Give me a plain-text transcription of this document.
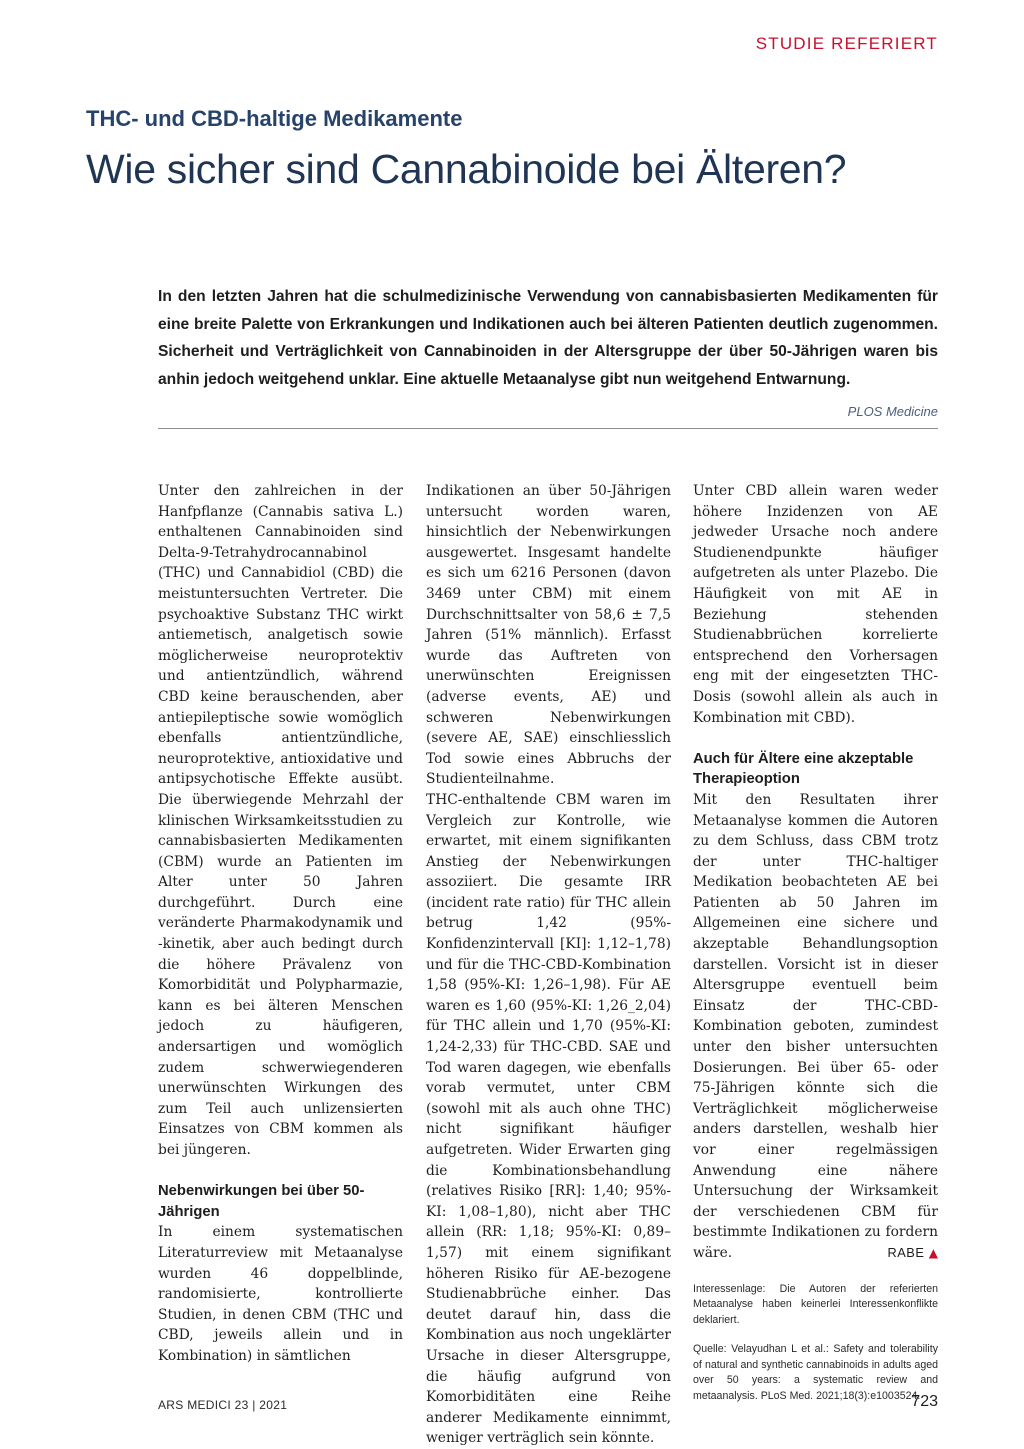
STUDIE REFERIERT
THC- und CBD-haltige Medikamente
Wie sicher sind Cannabinoide bei Älteren?

In den letzten Jahren hat die schulmedizinische Verwendung von cannabisbasierten Medikamenten für eine breite Palette von Erkrankungen und Indikationen auch bei älteren Patienten deutlich zugenommen. Sicherheit und Verträglichkeit von Cannabinoiden in der Altersgruppe der über 50-Jährigen waren bis anhin jedoch weitgehend unklar. Eine aktuelle Metaanalyse gibt nun weitgehend Entwarnung.

PLOS Medicine

Unter den zahlreichen in der Hanfpflanze (Cannabis sativa L.) enthaltenen Cannabinoiden sind Delta-9-Tetrahydrocannabinol (THC) und Cannabidiol (CBD) die meistuntersuchten Vertreter. Die psychoaktive Substanz THC wirkt antiemetisch, analgetisch sowie möglicherweise neuroprotektiv und antientzündlich, während CBD keine berauschenden, aber antiepileptische sowie womöglich ebenfalls antientzündliche, neuroprotektive, antioxidative und antipsychotische Effekte ausübt. Die überwiegende Mehrzahl der klinischen Wirksamkeitsstudien zu cannabisbasierten Medikamenten (CBM) wurde an Patienten im Alter unter 50 Jahren durchgeführt. Durch eine veränderte Pharmakodynamik und -kinetik, aber auch bedingt durch die höhere Prävalenz von Komorbidität und Polypharmazie, kann es bei älteren Menschen jedoch zu häufigeren, andersartigen und womöglich zudem schwerwiegenderen unerwünschten Wirkungen des zum Teil auch unlizensierten Einsatzes von CBM kommen als bei jüngeren.

Nebenwirkungen bei über 50-Jährigen

In einem systematischen Literaturreview mit Metaanalyse wurden 46 doppelblinde, randomisierte, kontrollierte Studien, in denen CBM (THC und CBD, jeweils allein und in Kombination) in sämtlichen

Indikationen an über 50-Jährigen untersucht worden waren, hinsichtlich der Nebenwirkungen ausgewertet. Insgesamt handelte es sich um 6216 Personen (davon 3469 unter CBM) mit einem Durchschnittsalter von 58,6 ± 7,5 Jahren (51% männlich). Erfasst wurde das Auftreten von unerwünschten Ereignissen (adverse events, AE) und schweren Nebenwirkungen (severe AE, SAE) einschliesslich Tod sowie eines Abbruchs der Studienteilnahme.

THC-enthaltende CBM waren im Vergleich zur Kontrolle, wie erwartet, mit einem signifikanten Anstieg der Nebenwirkungen assoziiert. Die gesamte IRR (incident rate ratio) für THC allein betrug 1,42 (95%-Konfidenzintervall [KI]: 1,12–1,78) und für die THC-CBD-Kombination 1,58 (95%-KI: 1,26–1,98). Für AE waren es 1,60 (95%-KI: 1,26_2,04) für THC allein und 1,70 (95%-KI: 1,24-2,33) für THC-CBD. SAE und Tod waren dagegen, wie ebenfalls vorab vermutet, unter CBM (sowohl mit als auch ohne THC) nicht signifikant häufiger aufgetreten. Wider Erwarten ging die Kombinationsbehandlung (relatives Risiko [RR]: 1,40; 95%-KI: 1,08–1,80), nicht aber THC allein (RR: 1,18; 95%-KI: 0,89–1,57) mit einem signifikant höheren Risiko für AE-bezogene Studienabbrüche einher. Das deutet darauf hin, dass die Kombination aus noch ungeklärter Ursache in dieser Altersgruppe, die häufig aufgrund von Komorbiditäten eine Reihe anderer Medikamente einnimmt, weniger verträglich sein könnte.

Unter CBD allein waren weder höhere Inzidenzen von AE jedweder Ursache noch andere Studienendpunkte häufiger aufgetreten als unter Plazebo. Die Häufigkeit von mit AE in Beziehung stehenden Studienabbrüchen korrelierte entsprechend den Vorhersagen eng mit der eingesetzten THC-Dosis (sowohl allein als auch in Kombination mit CBD).

Auch für Ältere eine akzeptable Therapieoption

Mit den Resultaten ihrer Metaanalyse kommen die Autoren zu dem Schluss, dass CBM trotz der unter THC-haltiger Medikation beobachteten AE bei Patienten ab 50 Jahren im Allgemeinen eine sichere und akzeptable Behandlungsoption darstellen. Vorsicht ist in dieser Altersgruppe eventuell beim Einsatz der THC-CBD-Kombination geboten, zumindest unter den bisher untersuchten Dosierungen. Bei über 65- oder 75-Jährigen könnte sich die Verträglichkeit möglicherweise anders darstellen, weshalb hier vor einer regelmässigen Anwendung eine nähere Untersuchung der Wirksamkeit der verschiedenen CBM für bestimmte Indikationen zu fordern wäre.	RABE ▲

Interessenlage: Die Autoren der referierten Metaanalyse haben keinerlei Interessenkonflikte deklariert.

Quelle: Velayudhan L et al.: Safety and tolerability of natural and synthetic cannabinoids in adults aged over 50 years: a systematic review and metaanalysis. PLoS Med. 2021;18(3):e1003524.

ARS MEDICI 23 | 2021	723
